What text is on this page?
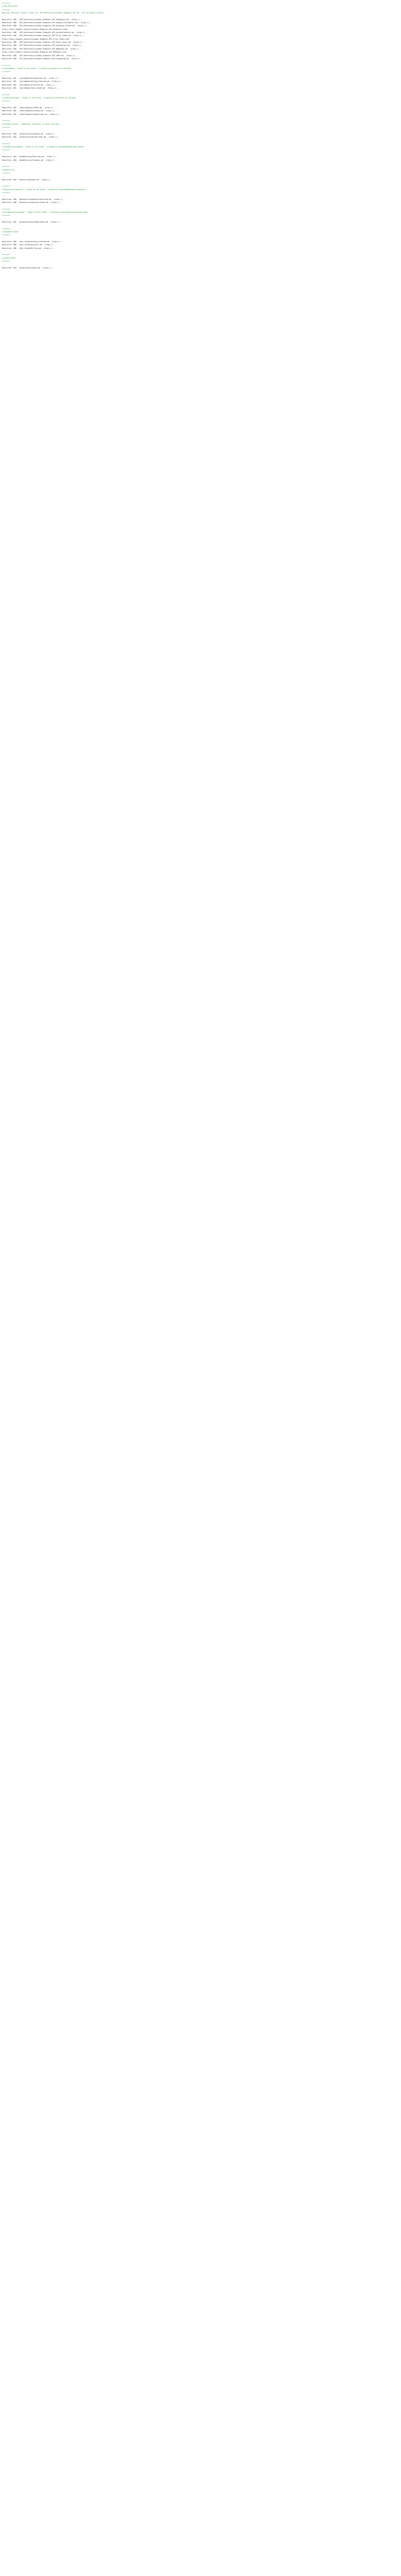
========
# API_Reference
========
Warning: Multiple results found for 'API_Reference/customer_Endpoint_API.md'. The following results: ...
---
Rewritten: 000 - API_Reference/customer_Endpoint_API_Endpoints.md - https://...
Rewritten: 000 - API_Reference/Customer_Endpoint_API_Request_Parameters.md - https://...
Rewritten: 000 - API_Reference/Customer_Endpoint_API_Response_Format.md - https://...
https://docs.example.com/en/Customer_Endpoint_API_Endpoints.html
Rewritten: 000 - API_Reference/Customer_Endpoint_API_Authentication.md - https://...
Rewritten: 000 - API_Reference/Customer_Endpoint_API_Error_Codes.md - https://...
https://docs.example.com/en/Customer_Endpoint_API_Error_Codes.html
Rewritten: 000 - API_Reference/Customer_Endpoint_API_Rate_Limits.md - https://...
Rewritten: 000 - API_Reference/Customer_Endpoint_API_Pagination.md - https://...
Rewritten: 000 - API_Reference/Customer_Endpoint_API_Webhooks.md - https://...
https://docs.example.com/en/Customer_Endpoint_API_Webhooks.html
Rewritten: 000 - API_Reference/Customer_Endpoint_API_SDKs.md - https://...
Rewritten: 000 - API_Reference/Customer_Endpoint_API_Changelog.md - https://...
========
# SourceBook - Guide to the Guide - originally posted/to be decided
========
---
Rewritten: 001 - SourceBook/Introduction.md - https://...
Rewritten: 001 - SourceBook/Getting_Started.md - https://...
Rewritten: 001 - SourceBook/Structure.md - https://...
Rewritten: 001 - SourceBook/Style_Guide.md - https://...
========
# Reference/Guide - Guide to the Guide - originally posted/to be decided
========
---
Rewritten: 002 - Code_Examples/Index.md - https://...
Rewritten: 002 - Code_Examples/Python.md - https://...
Rewritten: 002 - Code_Examples/JavaScript.md - https://...
========
# Authentication - temporary redirects to other sections
========
---
Rewritten: 003 - Authentication/OAuth.md - https://...
Rewritten: 003 - Authentication/API_Keys.md - https://...
========
# DataDelivery/Notes - Guide to the Guide - originally posted/DataDelivery_Notes
========
---
Rewritten: 004 - DataDelivery/Overview.md - https://...
Rewritten: 004 - DataDelivery/Formats.md - https://...
========
# Monitoring
========
---
Rewritten: 005 - Monitoring/Index.md - https://...
========
# ManufacturingCenter - Guide to the Guide - originally posted/ManufacturingCenter
========
---
Rewritten: 006 - ManufacturingCenter/Overview.md - https://...
Rewritten: 006 - ManufacturingCenter/Setup.md - https://...
========
# Documentation/Usage/ - moved to User Guide - originally posted/ResourcesPublicData
========
---
Rewritten: 007 - Documentation/Usage/Index.md - https://...
========
# Databook Guide
========
---
Rewritten: 008 - User_Guide/Getting_Started.md - https://...
Rewritten: 008 - User_Guide/Accounts.md - https://...
Rewritten: 008 - User_Guide/Billing.md - https://...
========
# Assets/Data
========
---
Rewritten: 009 - Assets/Data/Index.md - https://...
